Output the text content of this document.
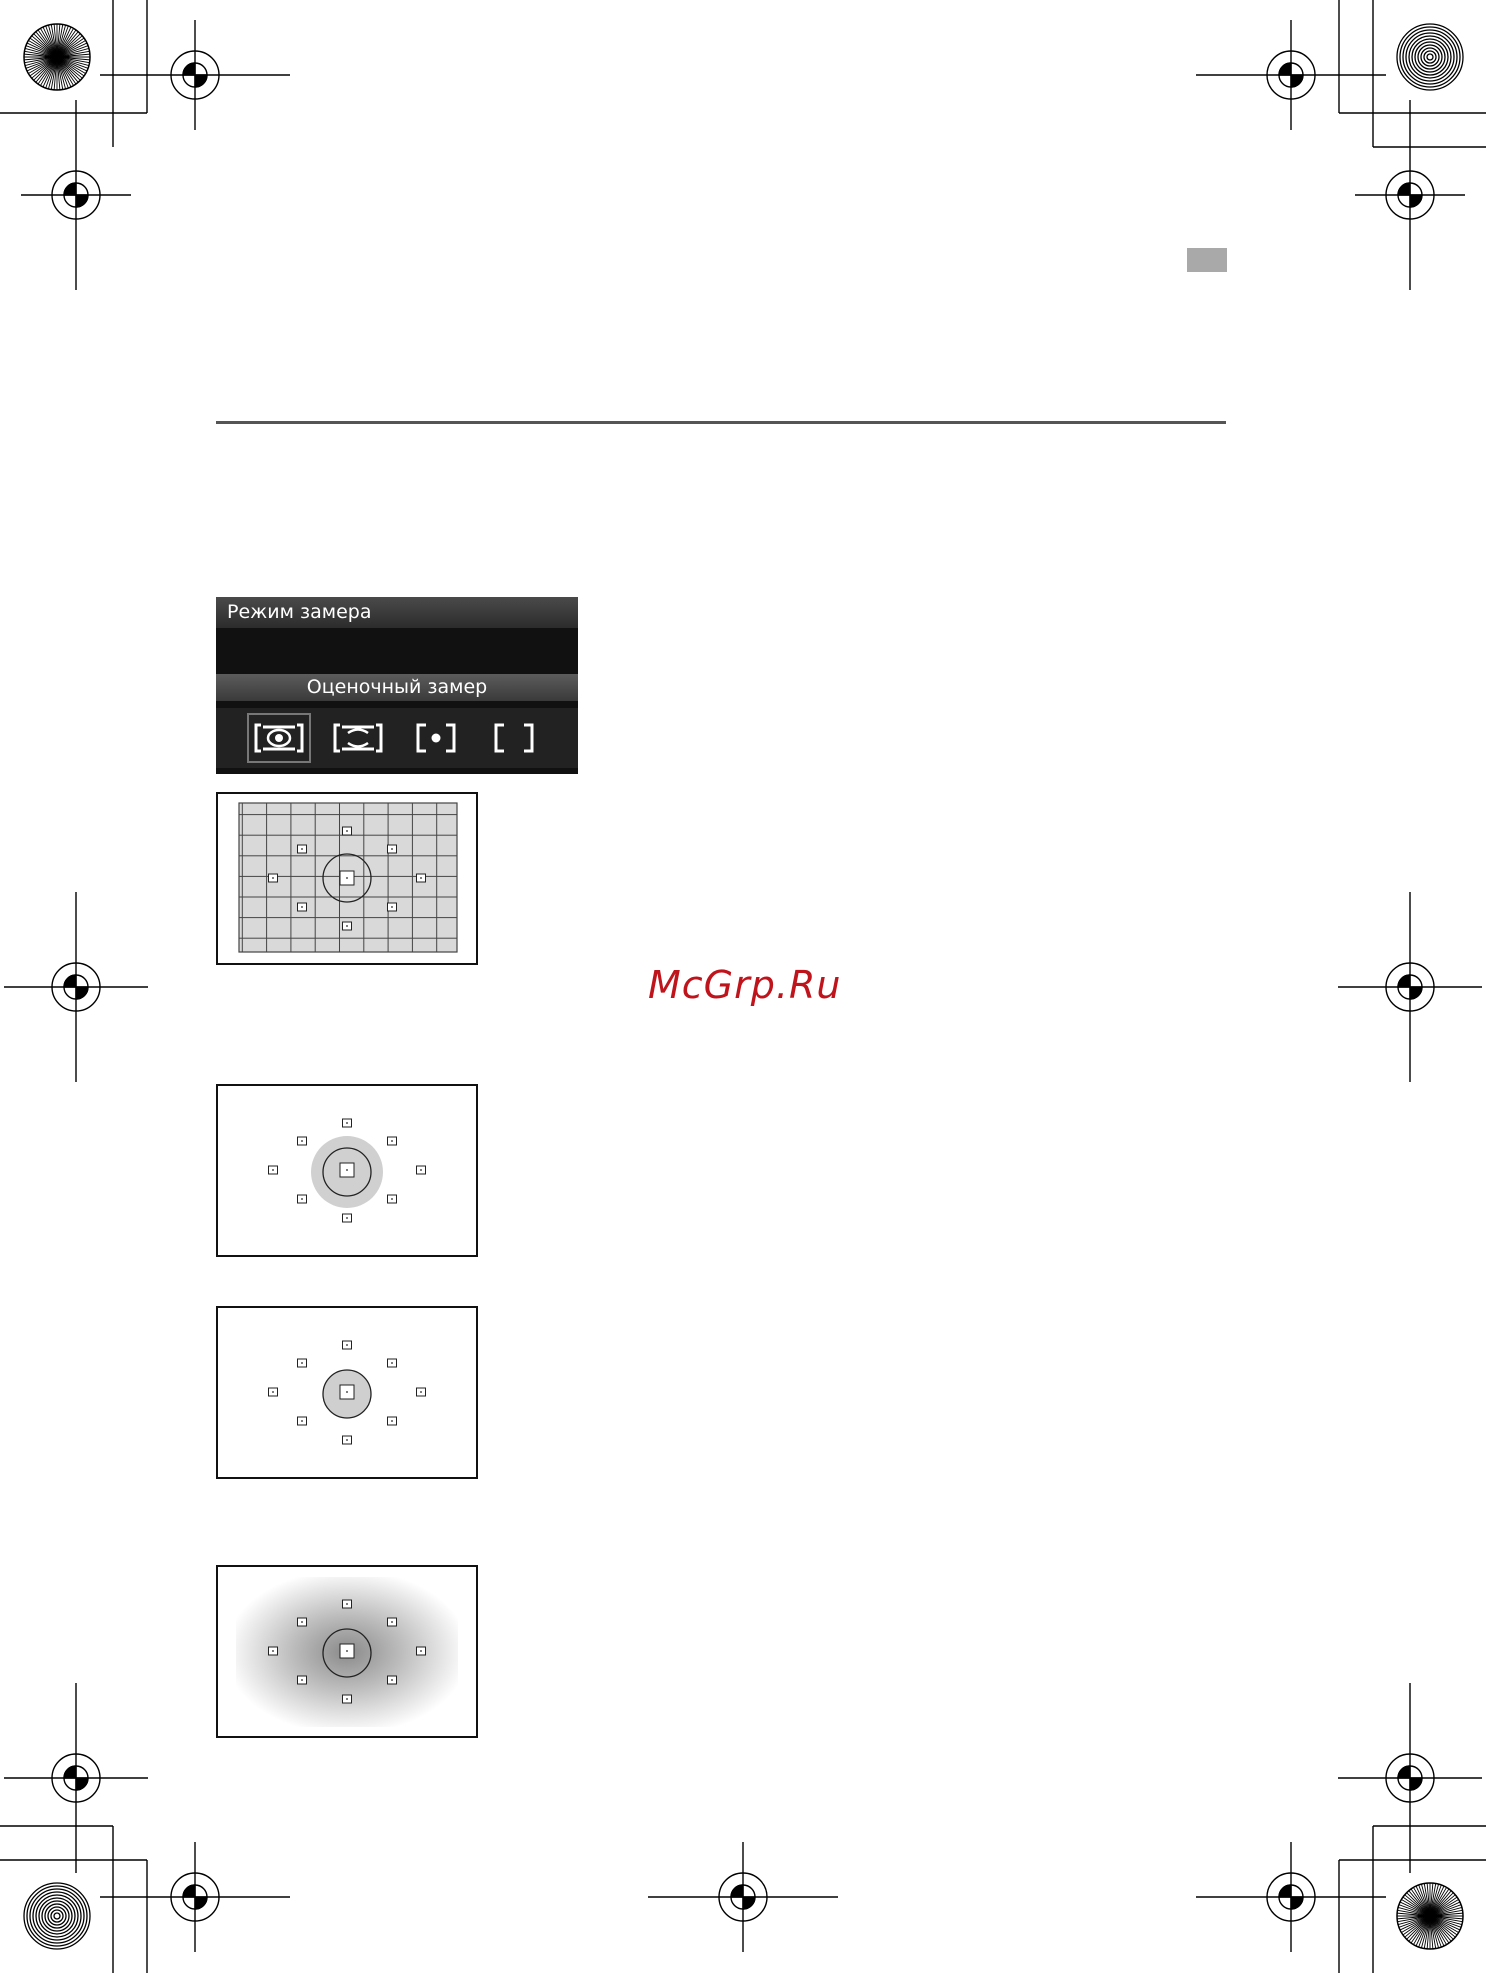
Режим замера
Оценочный замер
McGrp.Ru
